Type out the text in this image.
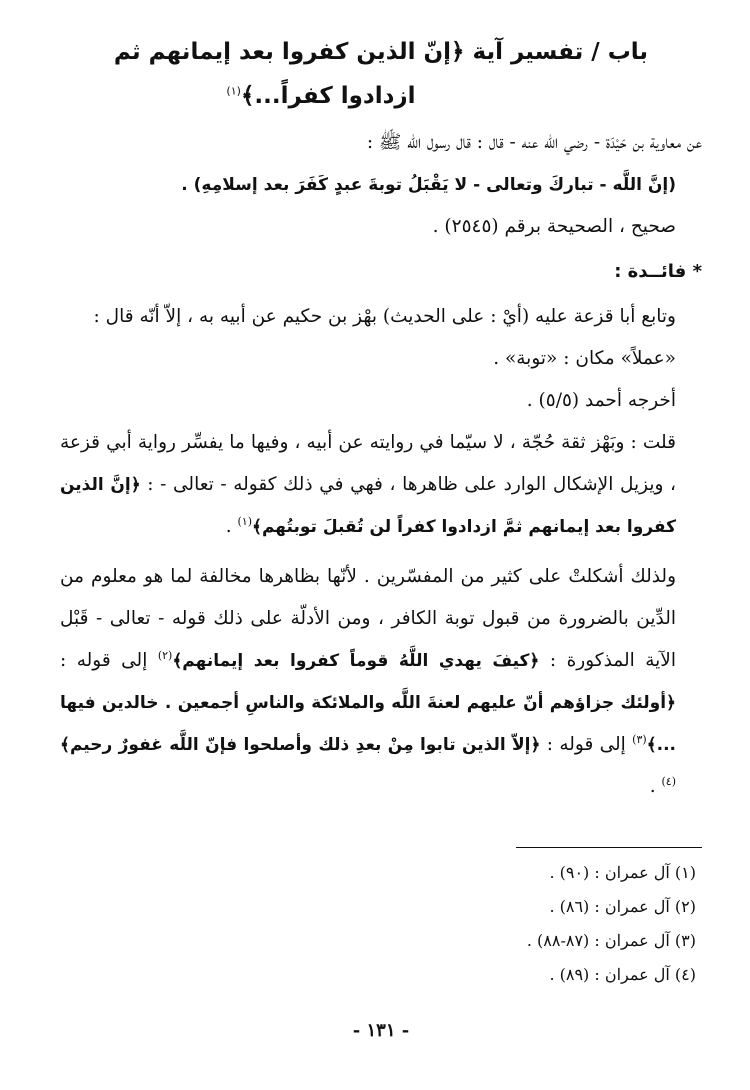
باب / تفسير آية ﴿إنّ الذين كفروا بعد إيمانهم ثم
ازدادوا كفراً...﴾$^{(١)}$

عن معاوية بن حَيْدَة - رضي الله عنه - قال : قال رسول الله ﷺ :

(إنَّ اللَّه - تباركَ وتعالى - لا يَقْبَلُ توبةَ عبدٍ كَفَرَ بعد إسلامِهِ) .

صحيح ، الصحيحة برقم (٢٥٤٥) .

* فائــدة :

وتابع أبا قزعة عليه (أيْ : على الحديث) بهْز بن حكيم عن أبيه به ، إلاّ أنّه قال :

«عملاً» مكان : «توبة» .

أخرجه أحمد (٥/٥) .

قلت : وبَهْز ثقة حُجّة ، لا سيّما في روايته عن أبيه ، وفيها ما يفسِّر رواية أبي قزعة ، ويزيل الإشكال الوارد على ظاهرها ، فهي في ذلك كقوله - تعالى - : ﴿إنَّ الذين كفروا بعد إيمانهم ثمَّ ازدادوا كفراً لن تُقبلَ توبتُهم﴾$^{(١)}$ .

ولذلك أشكلتْ على كثير من المفسّرين . لأنّها بظاهرها مخالفة لما هو معلوم من الدِّين بالضرورة من قبول توبة الكافر ، ومن الأدلّة على ذلك قوله - تعالى - قَبْل الآية المذكورة : ﴿كيفَ يهدي اللَّهُ قوماً كفروا بعد إيمانهم﴾$^{(٢)}$ إلى قوله : ﴿أولئك جزاؤهم أنّ عليهم لعنةَ اللَّه والملائكة والناسِ أجمعين . خالدين فيها ...﴾$^{(٣)}$ إلى قوله : ﴿إلاّ الذين تابوا مِنْ بعدِ ذلك وأصلحوا فإنّ اللَّه غفورٌ رحيم﴾$^{(٤)}$ .

(١) آل عمران : (٩٠) .
(٢) آل عمران : (٨٦) .
(٣) آل عمران : (٨٧-٨٨) .
(٤) آل عمران : (٨٩) .
- ١٣١ -
